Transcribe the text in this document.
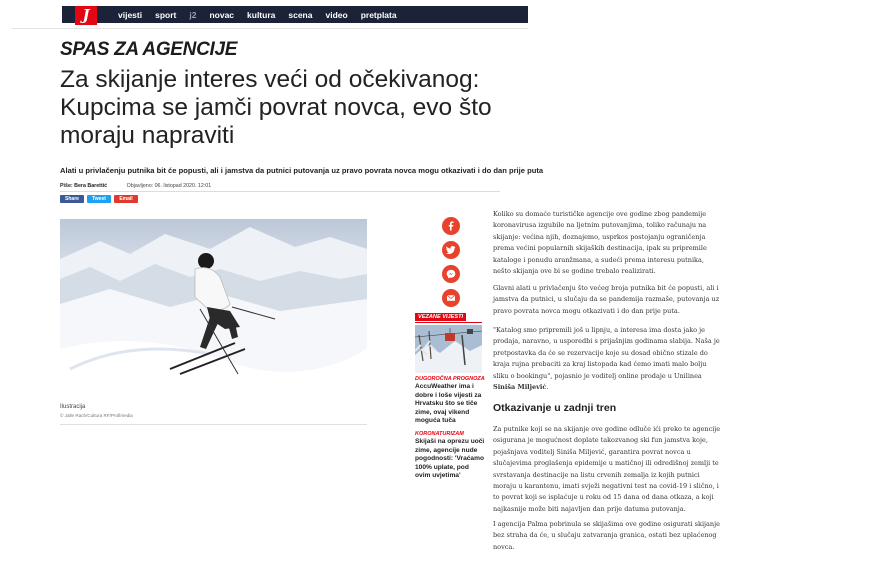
J	vijesti sport j2 novac kultura scena video pretplata
SPAS ZA AGENCIJE
Za skijanje interes veći od očekivanog: Kupcima se jamči povrat novca, evo što moraju napraviti
Alati u privlačenju putnika bit će popusti, ali i jamstva da putnici putovanja uz pravo povrata novca mogu otkazivati i do dan prije puta
Piše: Bera Barettić	Objavljeno: 06. listopad 2020. 12:01
Share	Tweet	Email
Ilustracija
© Jalle Rach/Cultura RF/Profimedia
VEZANE VIJESTI
DUGOROČNA PROGNOZA
AccuWeather ima i dobre i loše vijesti za Hrvatsku što se tiče zime, ovaj vikend moguća tuča
KORONATURIZAM
Skijaši na oprezu uoči zime, agencije nude pogodnosti: 'Vraćamo 100% uplate, pod ovim uvjetima'

Koliko su domaće turističke agencije ove godine zbog pandemije koronavirusa izgubile na ljetnim putovanjima, toliko računaju na skijanje: većina njih, doznajemo, usprkos postojanju ograničenja prema većini popularnih skijaških destinacija, ipak su pripremile kataloge i ponudu aranžmana, a sudeći prema interesu putnika, nešto skijanja ove bi se godine trebalo realizirati.

Glavni alati u privlačenju što većeg broja putnika bit će popusti, ali i jamstva da putnici, u slučaju da se pandemija razmaše, putovanja uz pravo povrata novca mogu otkazivati i do dan prije puta.

"Katalog smo pripremili još u lipnju, a interesa ima dosta jako je prodaja, naravno, u usporedbi s prijašnjim godinama slabija. Naša je pretpostavka da će se rezervacije koje su dosad obično stizale do kraja rujna prebaciti za kraj listopada kad ćemo imati malo bolju sliku o bookingu", pojasnio je voditelj online prodaje u Unilinea Siniša Miljević.

Otkazivanje u zadnji tren

Za putnike koji se na skijanje ove godine odluče ići preko te agencije osigurana je mogućnost doplate takozvanog ski fun jamstva koje, pojašnjava voditelj Siniša Miljević, garantira povrat novca u slučajevima proglašenja epidemije u matičnoj ili odredišnoj zemlji te svrstavanja destinacije na listu crvenih zemalja iz kojih putnici moraju u karantenu, imati svježi negativni test na covid-19 i slično, i to povrat koji se isplaćuje u roku od 15 dana od dana otkaza, a koji najkasnije može biti najavljen dan prije datuma putovanja.

I agencija Palma pobrinula se skijašima ove godine osigurati skijanje bez straha da će, u slučaju zatvaranja granica, ostati bez uplaćenog novca.
